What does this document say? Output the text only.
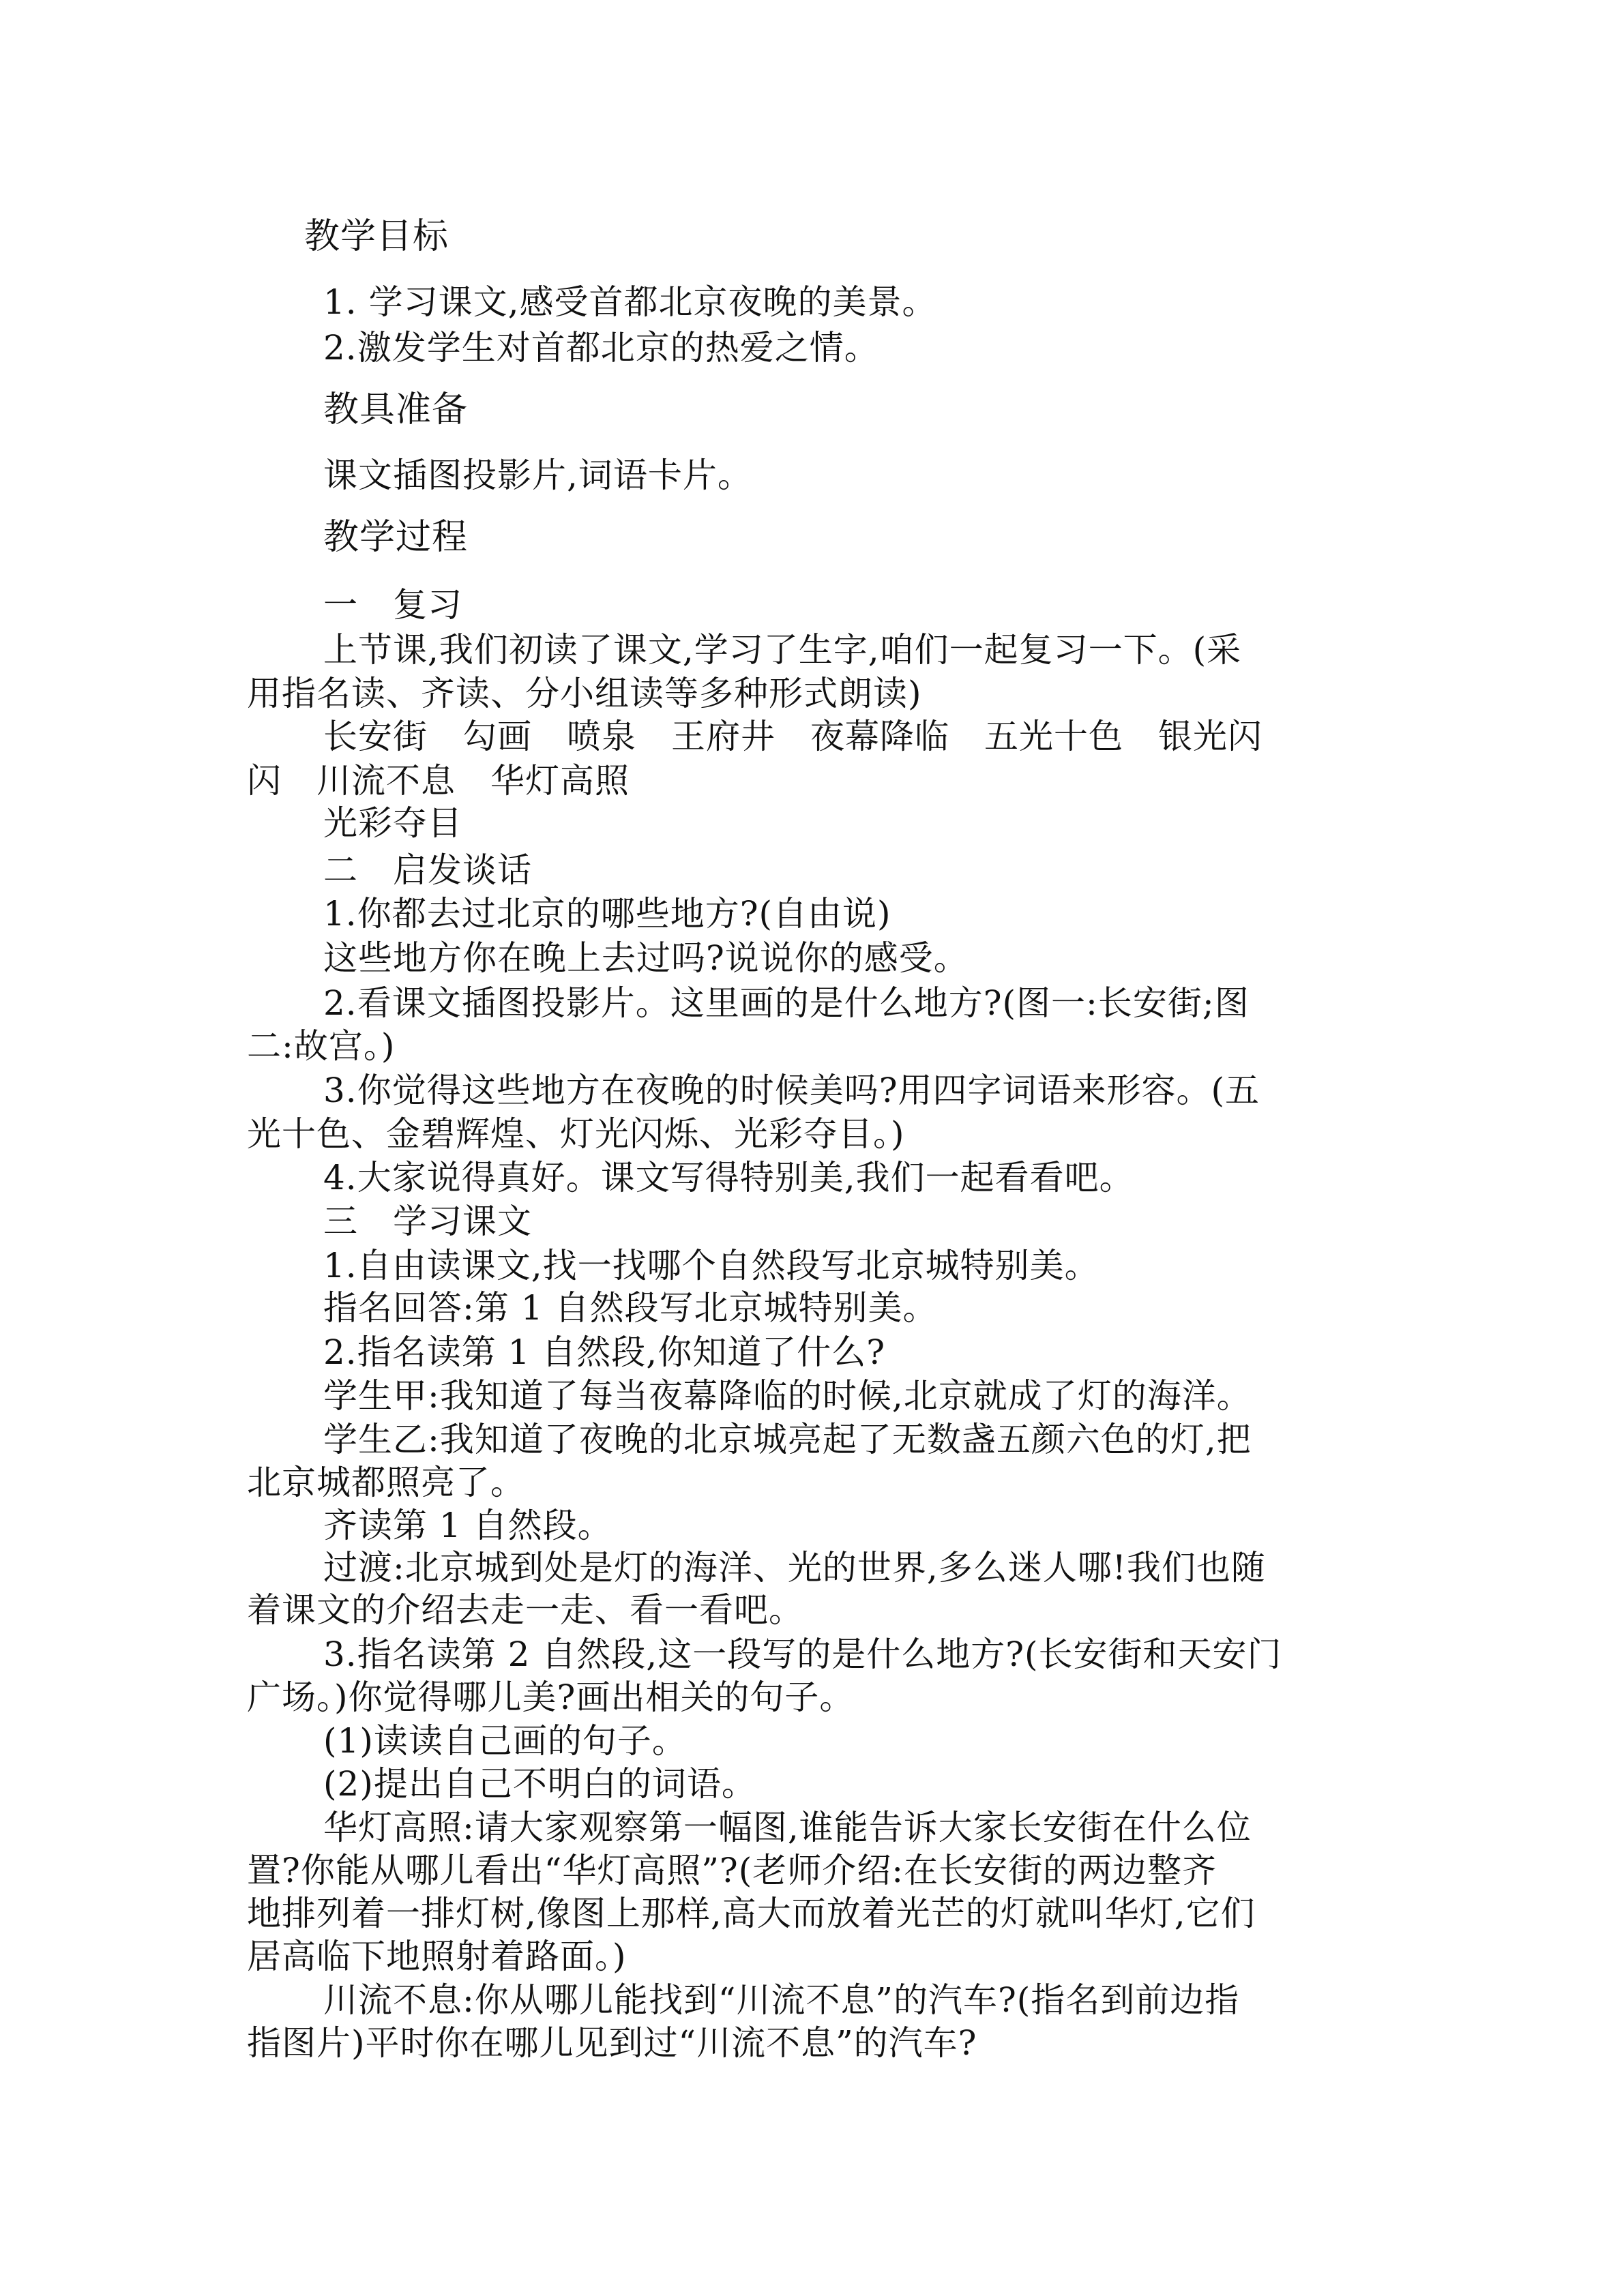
教学目标

1. 学习课文,感受首都北京夜晚的美景。

2.激发学生对首都北京的热爱之情。

教具准备

课文插图投影片,词语卡片。

教学过程

一　复习

上节课,我们初读了课文,学习了生字,咱们一起复习一下。(采

用指名读、齐读、分小组读等多种形式朗读)

长安街　勾画　喷泉　王府井　夜幕降临　五光十色　银光闪

闪　川流不息　华灯高照

光彩夺目

二　启发谈话

1.你都去过北京的哪些地方?(自由说)

这些地方你在晚上去过吗?说说你的感受。

2.看课文插图投影片。这里画的是什么地方?(图一:长安街;图

二:故宫。)

3.你觉得这些地方在夜晚的时候美吗?用四字词语来形容。(五

光十色、金碧辉煌、灯光闪烁、光彩夺目。)

4.大家说得真好。课文写得特别美,我们一起看看吧。

三　学习课文

1.自由读课文,找一找哪个自然段写北京城特别美。

指名回答:第 1 自然段写北京城特别美。

2.指名读第 1 自然段,你知道了什么?

学生甲:我知道了每当夜幕降临的时候,北京就成了灯的海洋。

学生乙:我知道了夜晚的北京城亮起了无数盏五颜六色的灯,把

北京城都照亮了。

齐读第 1 自然段。

过渡:北京城到处是灯的海洋、光的世界,多么迷人哪!我们也随

着课文的介绍去走一走、看一看吧。

3.指名读第 2 自然段,这一段写的是什么地方?(长安街和天安门

广场。)你觉得哪儿美?画出相关的句子。

(1)读读自己画的句子。

(2)提出自己不明白的词语。

华灯高照:请大家观察第一幅图,谁能告诉大家长安街在什么位

置?你能从哪儿看出“华灯高照”?(老师介绍:在长安街的两边整齐

地排列着一排灯树,像图上那样,高大而放着光芒的灯就叫华灯,它们

居高临下地照射着路面。)

川流不息:你从哪儿能找到“川流不息”的汽车?(指名到前边指

指图片)平时你在哪儿见到过“川流不息”的汽车?
